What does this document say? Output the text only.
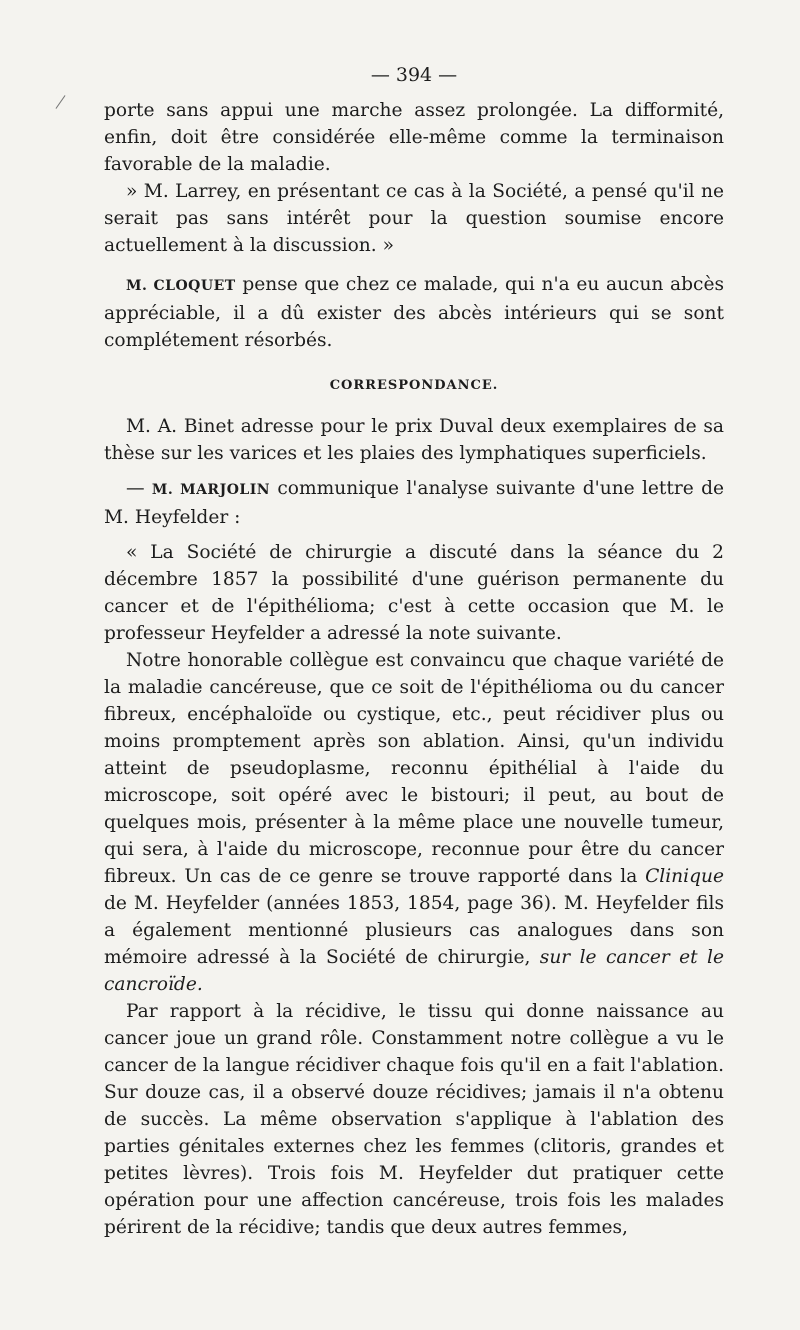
— 394 —

porte sans appui une marche assez prolongée. La difformité, enfin, doit être considérée elle-même comme la terminaison favorable de la maladie.

» M. Larrey, en présentant ce cas à la Société, a pensé qu'il ne serait pas sans intérêt pour la question soumise encore actuellement à la discussion. »

M. CLOQUET pense que chez ce malade, qui n'a eu aucun abcès appréciable, il a dû exister des abcès intérieurs qui se sont complétement résorbés.

CORRESPONDANCE.

M. A. Binet adresse pour le prix Duval deux exemplaires de sa thèse sur les varices et les plaies des lymphatiques superficiels.

— M. MARJOLIN communique l'analyse suivante d'une lettre de M. Heyfelder :

« La Société de chirurgie a discuté dans la séance du 2 décembre 1857 la possibilité d'une guérison permanente du cancer et de l'épithélioma; c'est à cette occasion que M. le professeur Heyfelder a adressé la note suivante.

Notre honorable collègue est convaincu que chaque variété de la maladie cancéreuse, que ce soit de l'épithélioma ou du cancer fibreux, encéphaloïde ou cystique, etc., peut récidiver plus ou moins promptement après son ablation. Ainsi, qu'un individu atteint de pseudoplasme, reconnu épithélial à l'aide du microscope, soit opéré avec le bistouri; il peut, au bout de quelques mois, présenter à la même place une nouvelle tumeur, qui sera, à l'aide du microscope, reconnue pour être du cancer fibreux. Un cas de ce genre se trouve rapporté dans la Clinique de M. Heyfelder (années 1853, 1854, page 36). M. Heyfelder fils a également mentionné plusieurs cas analogues dans son mémoire adressé à la Société de chirurgie, sur le cancer et le cancroïde.

Par rapport à la récidive, le tissu qui donne naissance au cancer joue un grand rôle. Constamment notre collègue a vu le cancer de la langue récidiver chaque fois qu'il en a fait l'ablation. Sur douze cas, il a observé douze récidives; jamais il n'a obtenu de succès. La même observation s'applique à l'ablation des parties génitales externes chez les femmes (clitoris, grandes et petites lèvres). Trois fois M. Heyfelder dut pratiquer cette opération pour une affection cancéreuse, trois fois les malades périrent de la récidive; tandis que deux autres femmes,
